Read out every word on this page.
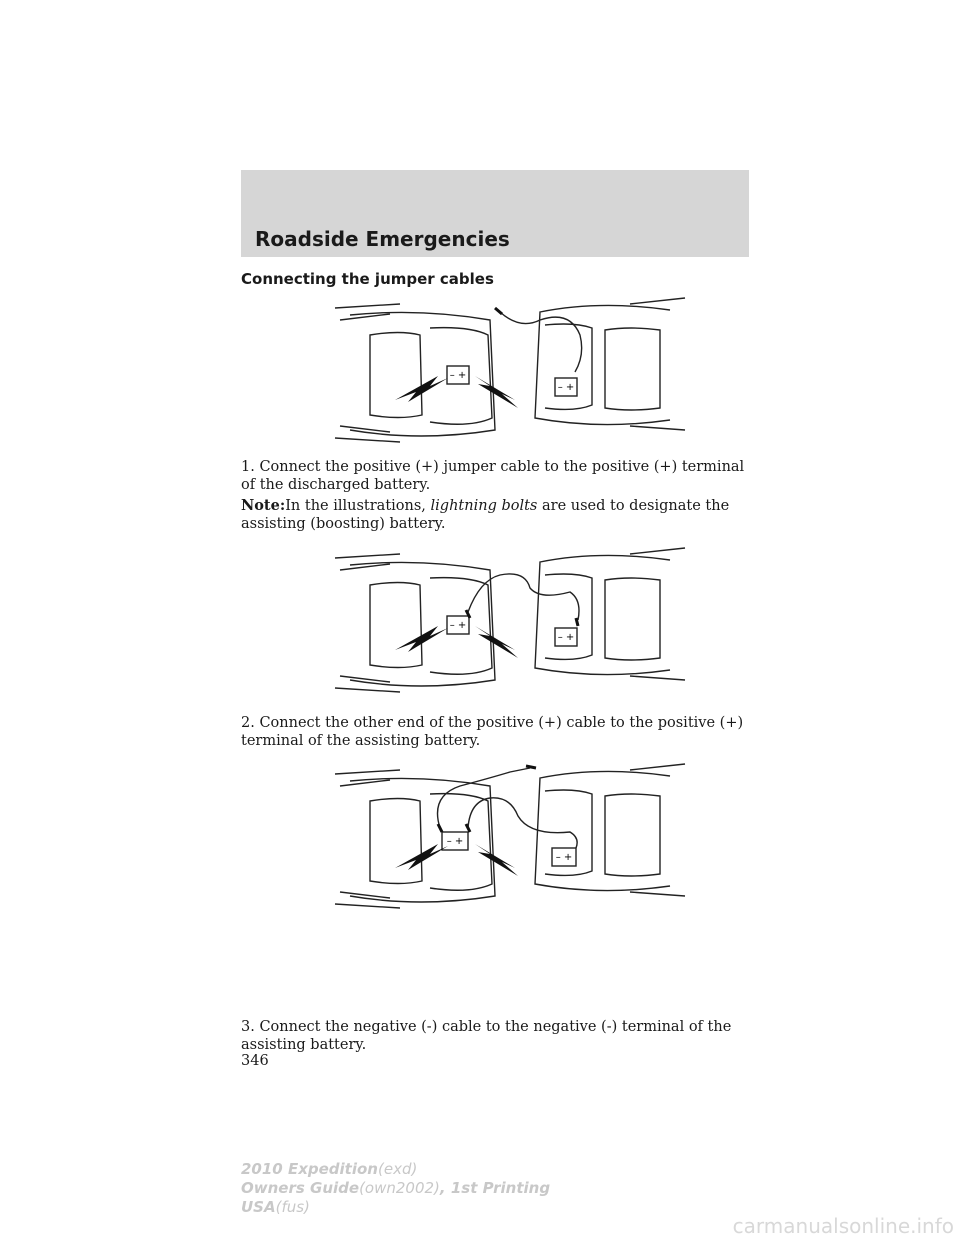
Roadside Emergencies
Connecting the jumper cables
– +
– +

1. Connect the positive (+) jumper cable to the positive (+) terminal of the discharged battery.

Note:In the illustrations, lightning bolts are used to designate the assisting (boosting) battery.

– +
– +

2. Connect the other end of the positive (+) cable to the positive (+) terminal of the assisting battery.

– +
– +

3. Connect the negative (-) cable to the negative (-) terminal of the assisting battery.

346
2010 Expedition(exd)
Owners Guide(own2002), 1st Printing
USA(fus)
carmanualsonline.info
